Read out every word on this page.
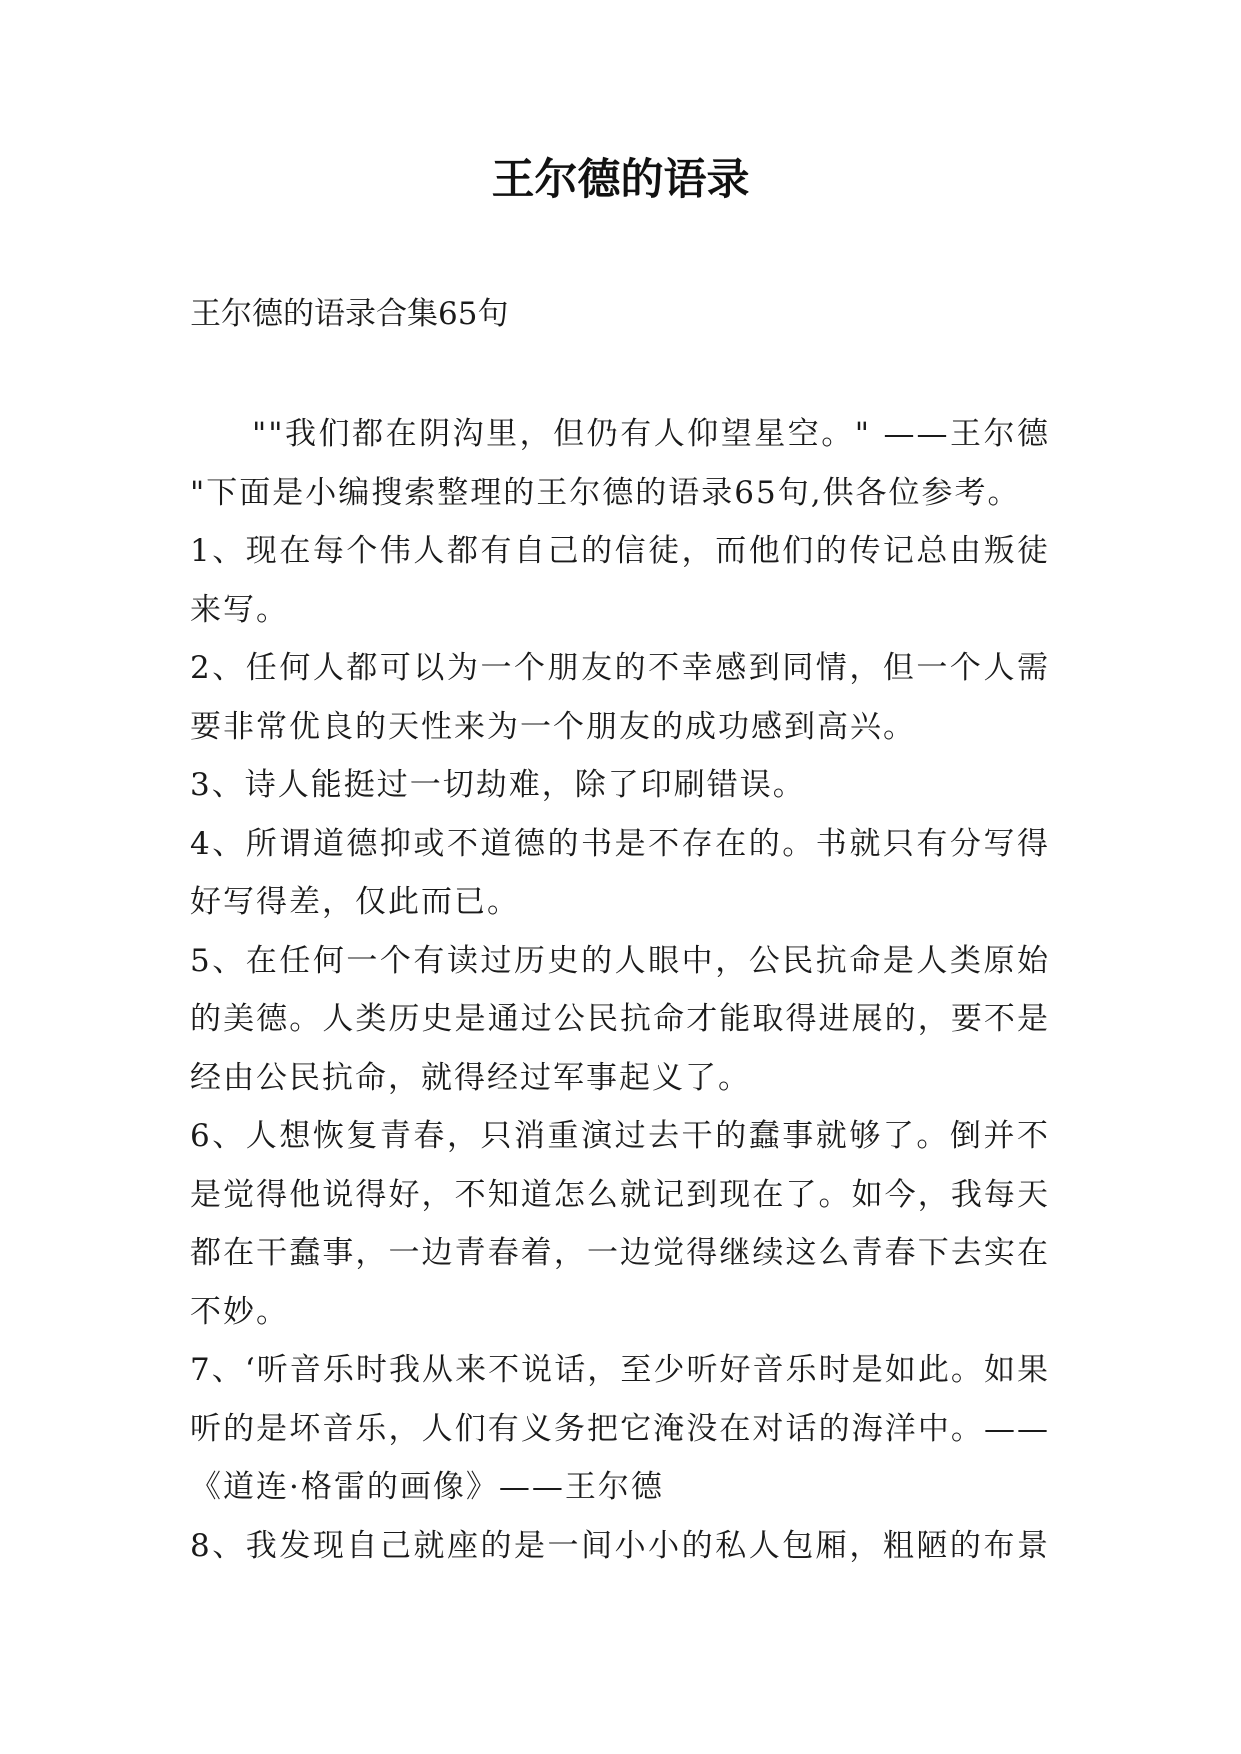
王尔德的语录

王尔德的语录合集65句

""我们都在阴沟里，但仍有人仰望星空。" ——王尔德
"下面是小编搜索整理的王尔德的语录65句,供各位参考。
1、现在每个伟人都有自己的信徒，而他们的传记总由叛徒
来写。
2、任何人都可以为一个朋友的不幸感到同情，但一个人需
要非常优良的天性来为一个朋友的成功感到高兴。
3、诗人能挺过一切劫难，除了印刷错误。
4、所谓道德抑或不道德的书是不存在的。书就只有分写得
好写得差，仅此而已。
5、在任何一个有读过历史的人眼中，公民抗命是人类原始
的美德。人类历史是通过公民抗命才能取得进展的，要不是
经由公民抗命，就得经过军事起义了。
6、人想恢复青春，只消重演过去干的蠢事就够了。倒并不
是觉得他说得好，不知道怎么就记到现在了。如今，我每天
都在干蠢事，一边青春着，一边觉得继续这么青春下去实在
不妙。
7、‘听音乐时我从来不说话，至少听好音乐时是如此。如果
听的是坏音乐，人们有义务把它淹没在对话的海洋中。——
《道连·格雷的画像》——王尔德
8、我发现自己就座的是一间小小的私人包厢，粗陋的布景
